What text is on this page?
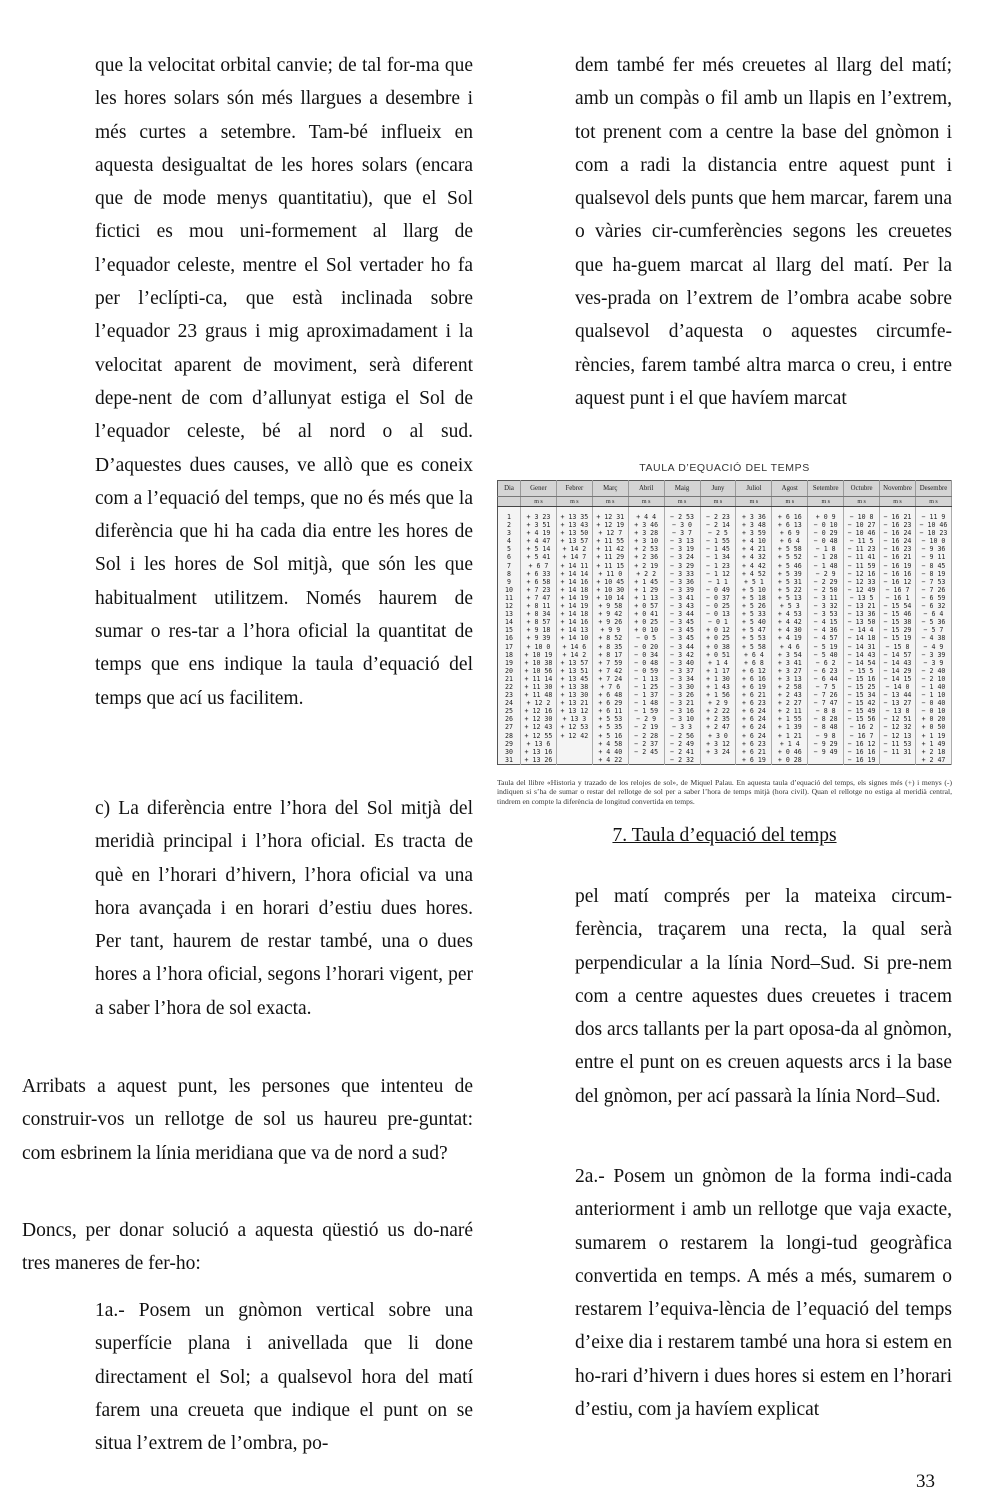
que la velocitat orbital canvie; de tal for-ma que les hores solars són més llargues a desembre i més curtes a setembre. Tam-bé influeix en aquesta desigualtat de les hores solars (encara que de mode menys quantitatiu), que el Sol fictici es mou uni-formement al llarg de l’equador celeste, mentre el Sol vertader ho fa per l’eclípti-ca, que està inclinada sobre l’equador 23 graus i mig aproximadament i la velocitat aparent de moviment, serà diferent depe-nent de com d’allunyat estiga el Sol de l’equador celeste, bé al nord o al sud. D’aquestes dues causes, ve allò que es coneix com a l’equació del temps, que no és més que la diferència que hi ha cada dia entre les hores de Sol i les hores de Sol mitjà, que són les que habitualment utilitzem. Només haurem de sumar o res-tar a l’hora oficial la quantitat de temps que ens indique la taula d’equació del temps que ací us facilitem.

c) La diferència entre l’hora del Sol mitjà del meridià principal i l’hora oficial. Es tracta de què en l’horari d’hivern, l’hora oficial va una hora avançada i en horari d’estiu dues hores. Per tant, haurem de restar també, una o dues hores a l’hora oficial, segons l’horari vigent, per a saber l’hora de sol exacta.

Arribats a aquest punt, les persones que intenteu de construir-vos un rellotge de sol us haureu pre-guntat: com esbrinem la línia meridiana que va de nord a sud?

Doncs, per donar solució a aquesta qüestió us do-naré tres maneres de fer-ho:

1a.- Posem un gnòmon vertical sobre una superfície plana i anivellada que li done directament el Sol; a qualsevol hora del matí farem una creueta que indique el punt on se situa l’extrem de l’ombra, po-

dem també fer més creuetes al llarg del matí; amb un compàs o fil amb un llapis en l’extrem, tot prenent com a centre la base del gnòmon i com a radi la distancia entre aquest punt i qualsevol dels punts que hem marcar, farem una o vàries cir-cumferències segons les creuetes que ha-guem marcat al llarg del matí. Per la ves-prada on l’extrem de l’ombra acabe sobre qualsevol d’aquesta o aquestes circumfe-rències, farem també altra marca o creu, i entre aquest punt i el que havíem marcat

TAULA D’EQUACIÓ DEL TEMPS
Dia	Gener	Febrer	Març	Abril	Maig	Juny	Juliol	Agost	Setembre	Octubre	Novembre	Desembre
	m s	m s	m s	m s	m s	m s	m s	m s	m s	m s	m s	m s

1	+ 3 23	+ 13 35	+ 12 31	+ 4 4	− 2 53	− 2 23	+ 3 36	+ 6 16	+ 0 9	− 10 8	− 16 21	− 11 9
2	+ 3 51	+ 13 43	+ 12 19	+ 3 46	− 3 0	− 2 14	+ 3 48	+ 6 13	− 0 10	− 10 27	− 16 23	− 10 46
3	+ 4 19	+ 13 50	+ 12 7	+ 3 28	− 3 7	− 2 5	+ 3 59	+ 6 9	− 0 29	− 10 46	− 16 24	− 10 23
4	+ 4 47	+ 13 57	+ 11 55	+ 3 10	− 3 13	− 1 55	+ 4 10	+ 6 4	− 0 48	− 11 5	− 16 24	− 10 0
5	+ 5 14	+ 14 2	+ 11 42	+ 2 53	− 3 19	− 1 45	+ 4 21	+ 5 58	− 1 8	− 11 23	− 16 23	− 9 36
6	+ 5 41	+ 14 7	+ 11 29	+ 2 36	− 3 24	− 1 34	+ 4 32	+ 5 52	− 1 28	− 11 41	− 16 21	− 9 11
7	+ 6 7	+ 14 11	+ 11 15	+ 2 19	− 3 29	− 1 23	+ 4 42	+ 5 46	− 1 48	− 11 59	− 16 19	− 8 45
8	+ 6 33	+ 14 14	+ 11 0	+ 2 2	− 3 33	− 1 12	+ 4 52	+ 5 39	− 2 9	− 12 16	− 16 16	− 8 19
9	+ 6 58	+ 14 16	+ 10 45	+ 1 45	− 3 36	− 1 1	+ 5 1	+ 5 31	− 2 29	− 12 33	− 16 12	− 7 53
10	+ 7 23	+ 14 18	+ 10 30	+ 1 29	− 3 39	− 0 49	+ 5 10	+ 5 22	− 2 50	− 12 49	− 16 7	− 7 26
11	+ 7 47	+ 14 19	+ 10 14	+ 1 13	− 3 41	− 0 37	+ 5 18	+ 5 13	− 3 11	− 13 5	− 16 1	− 6 59
12	+ 8 11	+ 14 19	+ 9 58	+ 0 57	− 3 43	− 0 25	+ 5 26	+ 5 3	− 3 32	− 13 21	− 15 54	− 6 32
13	+ 8 34	+ 14 18	+ 9 42	+ 0 41	− 3 44	− 0 13	+ 5 33	+ 4 53	− 3 53	− 13 36	− 15 46	− 6 4
14	+ 8 57	+ 14 16	+ 9 26	+ 0 25	− 3 45	− 0 1	+ 5 40	+ 4 42	− 4 15	− 13 50	− 15 38	− 5 36
15	+ 9 18	+ 14 13	+ 9 9	+ 0 10	− 3 45	+ 0 12	+ 5 47	+ 4 30	− 4 36	− 14 4	− 15 29	− 5 7
16	+ 9 39	+ 14 10	+ 8 52	− 0 5	− 3 45	+ 0 25	+ 5 53	+ 4 19	− 4 57	− 14 18	− 15 19	− 4 38
17	+ 10 0	+ 14 6	+ 8 35	− 0 20	− 3 44	+ 0 38	+ 5 58	+ 4 6	− 5 19	− 14 31	− 15 8	− 4 9
18	+ 10 19	+ 14 2	+ 8 17	− 0 34	− 3 42	+ 0 51	+ 6 4	+ 3 54	− 5 40	− 14 43	− 14 57	− 3 39
19	+ 10 38	+ 13 57	+ 7 59	− 0 48	− 3 40	+ 1 4	+ 6 8	+ 3 41	− 6 2	− 14 54	− 14 43	− 3 9
20	+ 10 56	+ 13 51	+ 7 42	− 0 59	− 3 37	+ 1 17	+ 6 12	+ 3 27	− 6 23	− 15 5	− 14 29	− 2 40
21	+ 11 14	+ 13 45	+ 7 24	− 1 13	− 3 34	+ 1 30	+ 6 16	+ 3 13	− 6 44	− 15 16	− 14 15	− 2 10
22	+ 11 30	+ 13 38	+ 7 6	− 1 25	− 3 30	+ 1 43	+ 6 19	+ 2 58	− 7 5	− 15 25	− 14 0	− 1 40
23	+ 11 48	+ 13 30	+ 6 48	− 1 37	− 3 26	+ 1 56	+ 6 21	+ 2 43	− 7 26	− 15 34	− 13 44	− 1 10
24	+ 12 2	+ 13 21	+ 6 29	− 1 48	− 3 21	+ 2 9	+ 6 23	+ 2 27	− 7 47	− 15 42	− 13 27	− 0 40
25	+ 12 16	+ 13 12	+ 6 11	− 1 59	− 3 16	+ 2 22	+ 6 24	+ 2 11	− 8 8	− 15 49	− 13 8	− 0 10
26	+ 12 30	+ 13 3	+ 5 53	− 2 9	− 3 10	+ 2 35	+ 6 24	+ 1 55	− 8 28	− 15 56	− 12 51	+ 0 20
27	+ 12 43	+ 12 53	+ 5 35	− 2 19	− 3 3	+ 2 47	+ 6 24	+ 1 39	− 8 48	− 16 2	− 12 32	+ 0 50
28	+ 12 55	+ 12 42	+ 5 16	− 2 28	− 2 56	+ 3 0	+ 6 24	+ 1 21	− 9 8	− 16 7	− 12 13	+ 1 19
29	+ 13 6		+ 4 58	− 2 37	− 2 49	+ 3 12	+ 6 23	+ 1 4	− 9 29	− 16 12	− 11 53	+ 1 49
30	+ 13 16		+ 4 40	− 2 45	− 2 41	+ 3 24	+ 6 21	+ 0 46	− 9 49	− 16 16	− 11 31	+ 2 18
31	+ 13 26		+ 4 22		− 2 32		+ 6 19	+ 0 28		− 16 19		+ 2 47
Taula del llibre «Historia y trazado de los relojes de sol», de Miquel Palau. En aquesta taula d’equació del temps, els signes més (+) i menys (-) indiquen si s’ha de sumar o restar del rellotge de sol per a saber l’hora de temps mitjà (hora civil). Quan el rellotge no estiga al meridià central, tindrem en compte la diferència de longitud convertida en temps.
7. Taula d’equació del temps

pel matí comprés per la mateixa circum-ferència, traçarem una recta, la qual serà perpendicular a la línia Nord–Sud. Si pre-nem com a centre aquestes dues creuetes i tracem dos arcs tallants per la part oposa-da al gnòmon, entre el punt on es creuen aquests arcs i la base del gnòmon, per ací passarà la línia Nord–Sud.

2a.- Posem un gnòmon de la forma indi-cada anteriorment i amb un rellotge que vaja exacte, sumarem o restarem la longi-tud geogràfica convertida en temps. A més a més, sumarem o restarem l’equiva-lència de l’equació del temps d’eixe dia i restarem també una hora si estem en ho-rari d’hivern i dues hores si estem en l’horari d’estiu, com ja havíem explicat

33
